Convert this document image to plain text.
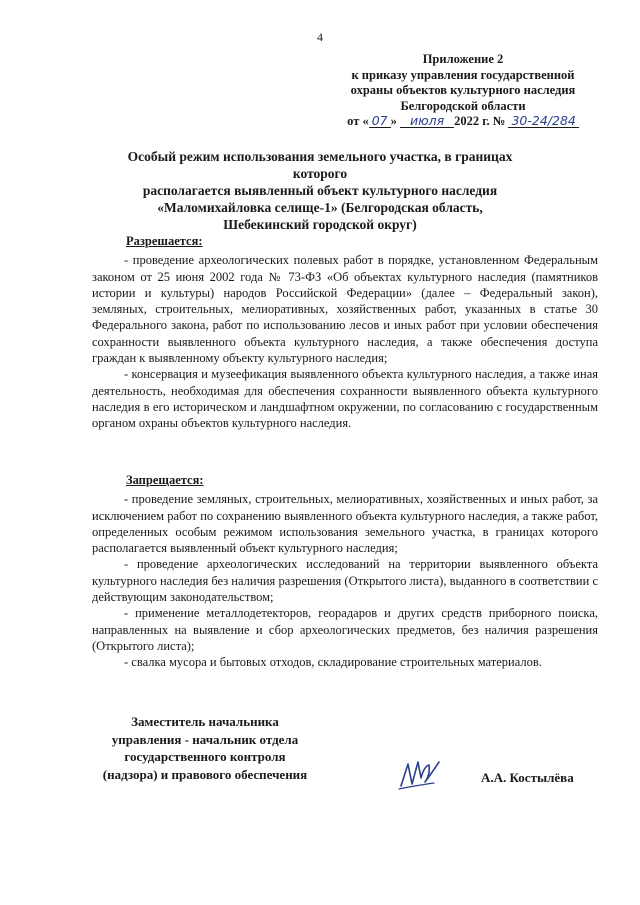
4
Приложение 2
к приказу управления государственной
охраны объектов культурного наследия
Белгородской области
от « 07 » июля 2022 г. № 30-24/284
Особый режим использования земельного участка, в границах которого
располагается выявленный объект культурного наследия
«Маломихайловка селище-1» (Белгородская область,
Шебекинский городской округ)
Разрешается:

- проведение археологических полевых работ в порядке, установленном Федеральным законом от 25 июня 2002 года № 73-ФЗ «Об объектах культурного наследия (памятников истории и культуры) народов Российской Федерации» (далее – Федеральный закон), земляных, строительных, мелиоративных, хозяйственных работ, указанных в статье 30 Федерального закона, работ по использованию лесов и иных работ при условии обеспечения сохранности выявленного объекта культурного наследия, а также обеспечения доступа граждан к выявленному объекту культурного наследия;

- консервация и музеефикация выявленного объекта культурного наследия, а также иная деятельность, необходимая для обеспечения сохранности выявленного объекта культурного наследия в его историческом и ландшафтном окружении, по согласованию с государственным органом охраны объектов культурного наследия.

Запрещается:

- проведение земляных, строительных, мелиоративных, хозяйственных и иных работ, за исключением работ по сохранению выявленного объекта культурного наследия, а также работ, определенных особым режимом использования земельного участка, в границах которого располагается выявленный объект культурного наследия;

- проведение археологических исследований на территории выявленного объекта культурного наследия без наличия разрешения (Открытого листа), выданного в соответствии с действующим законодательством;

- применение металлодетекторов, георадаров и других средств приборного поиска, направленных на выявление и сбор археологических предметов, без наличия разрешения (Открытого листа);

- свалка мусора и бытовых отходов, складирование строительных материалов.

Заместитель начальника
управления - начальник отдела
государственного контроля
(надзора) и правового обеспечения	А.А. Костылёва
